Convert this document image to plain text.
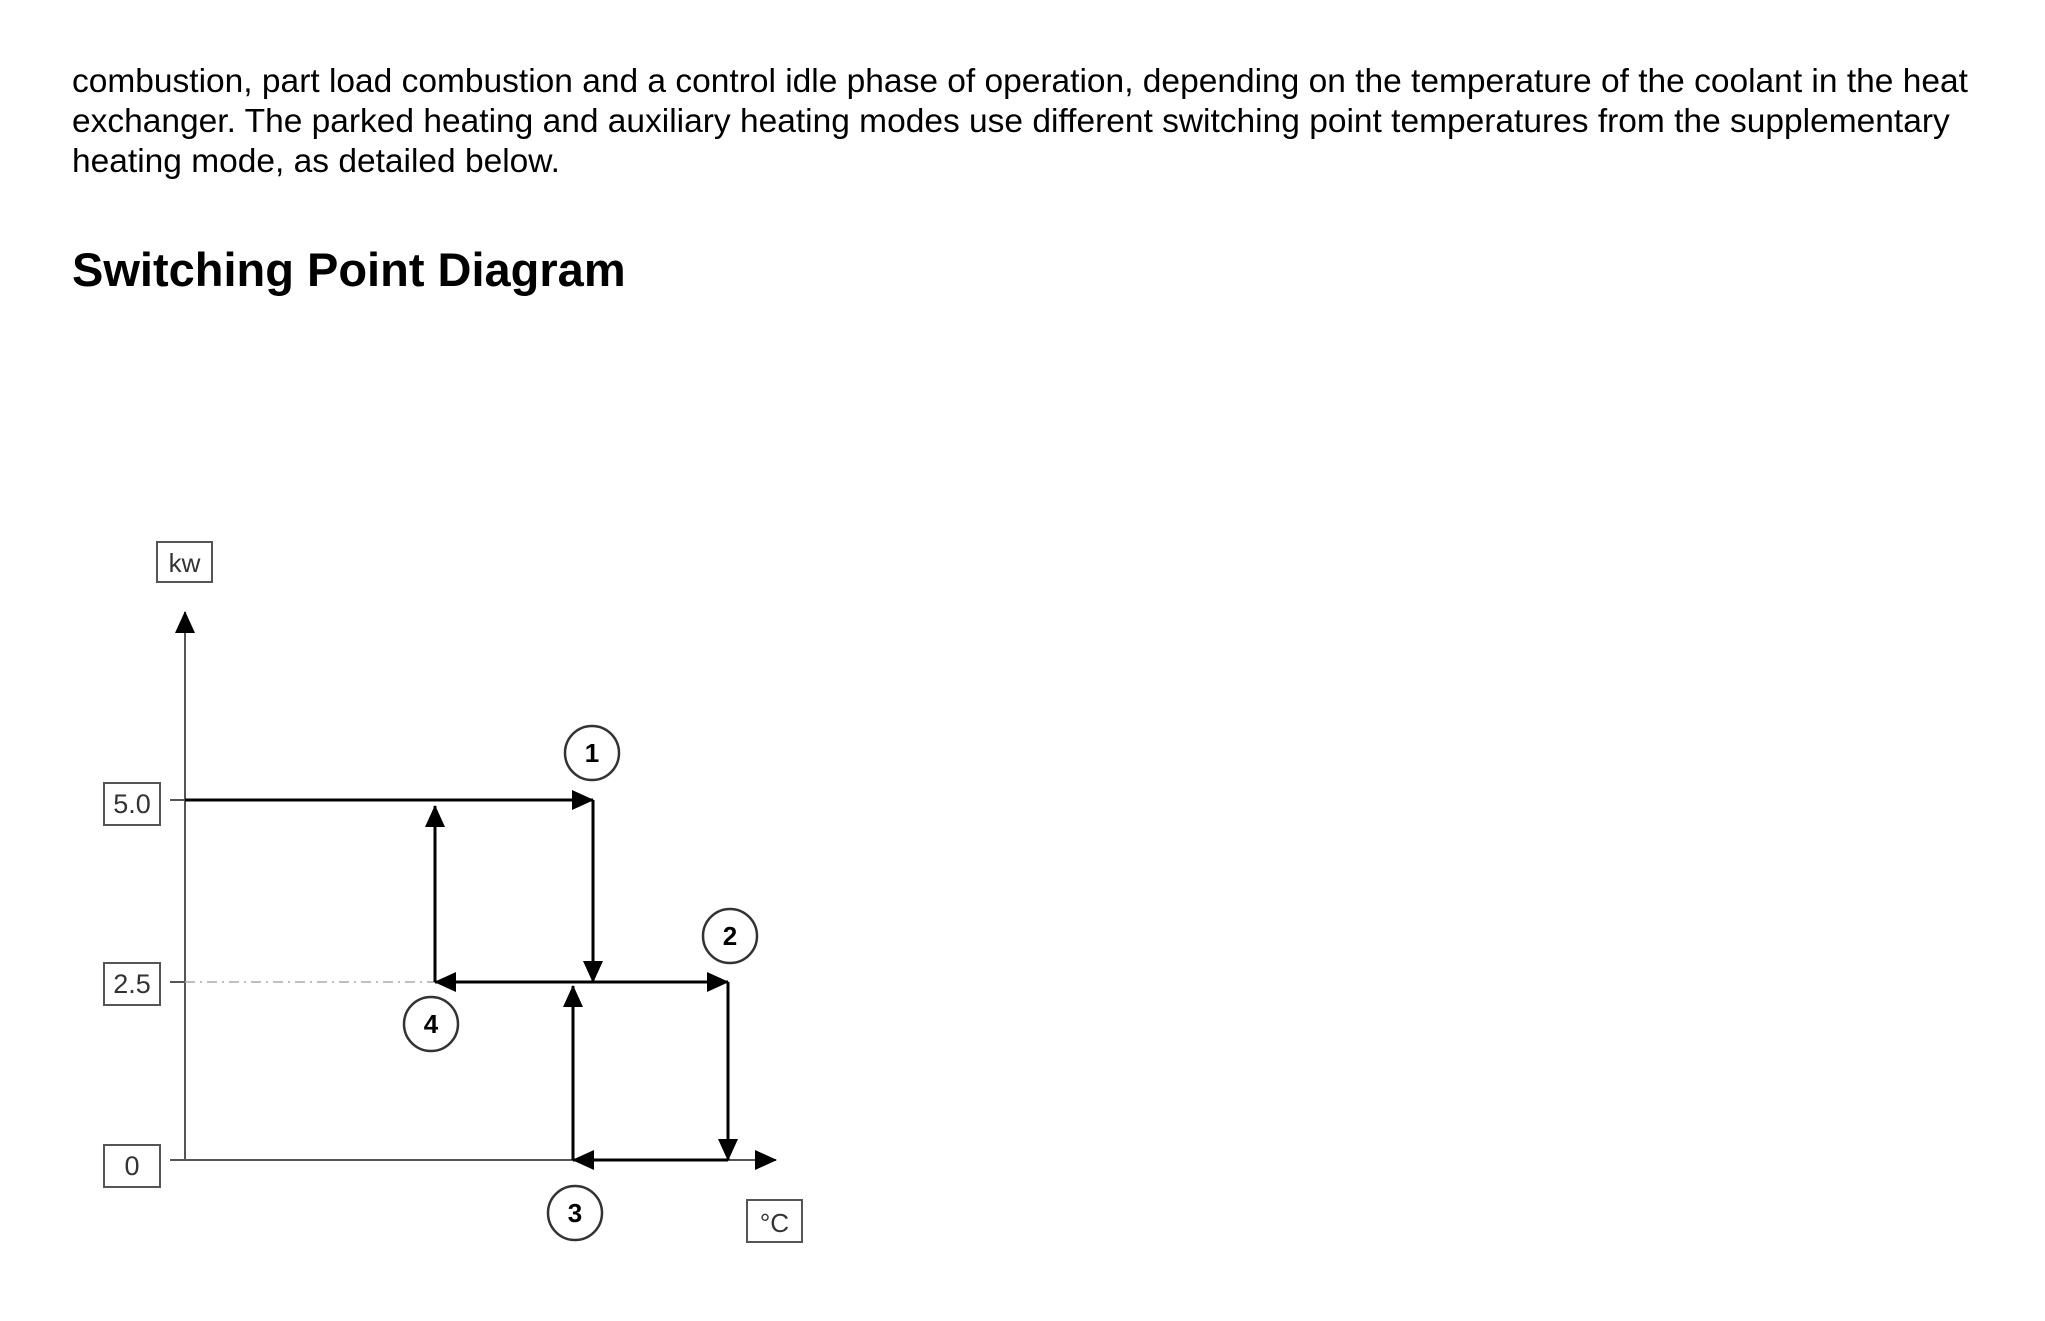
combustion, part load combustion and a control idle phase of operation, depending on the temperature of the coolant in the heat exchanger. The parked heating and auxiliary heating modes use different switching point temperatures from the supplementary heating mode, as detailed below.

Switching Point Diagram
kw
°C
5.0
2.5
0
1
2
3
4
